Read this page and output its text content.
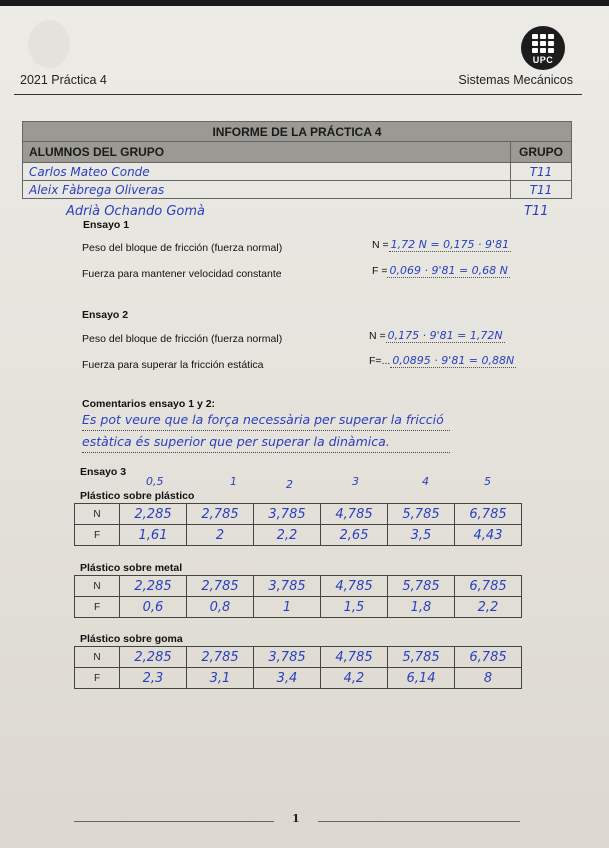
UPC
2021 Práctica 4	Sistemas Mecánicos
INFORME DE LA PRÁCTICA 4	
ALUMNOS DEL GRUPO	GRUPO
Carlos Mateo Conde	T11
Aleix Fàbrega Oliveras	T11
Adrià Ochando Gomà	T11
Ensayo 1
Peso del bloque de fricción (fuerza normal)	N = 1,72 N = 0,175 · 9'81
Fuerza para mantener velocidad constante	F = 0,069 · 9'81 = 0,68 N
Ensayo 2
Peso del bloque de fricción (fuerza normal)	N = 0,175 · 9'81 = 1,72N
Fuerza para superar la fricción estática	F=... 0,0895 · 9'81 = 0,88N
Comentarios ensayo 1 y 2:
Es pot veure que la força necessària per superar la fricció
estàtica és superior que per superar la dinàmica.
Ensayo 3
0,5	1	2	3	4	5
Plástico sobre plástico
N	2,285	2,785	3,785	4,785	5,785	6,785
F	1,61	2	2,2	2,65	3,5	4,43
Plástico sobre metal
N	2,285	2,785	3,785	4,785	5,785	6,785
F	0,6	0,8	1	1,5	1,8	2,2
Plástico sobre goma
N	2,285	2,785	3,785	4,785	5,785	6,785
F	2,3	3,1	3,4	4,2	6,14	8
1
